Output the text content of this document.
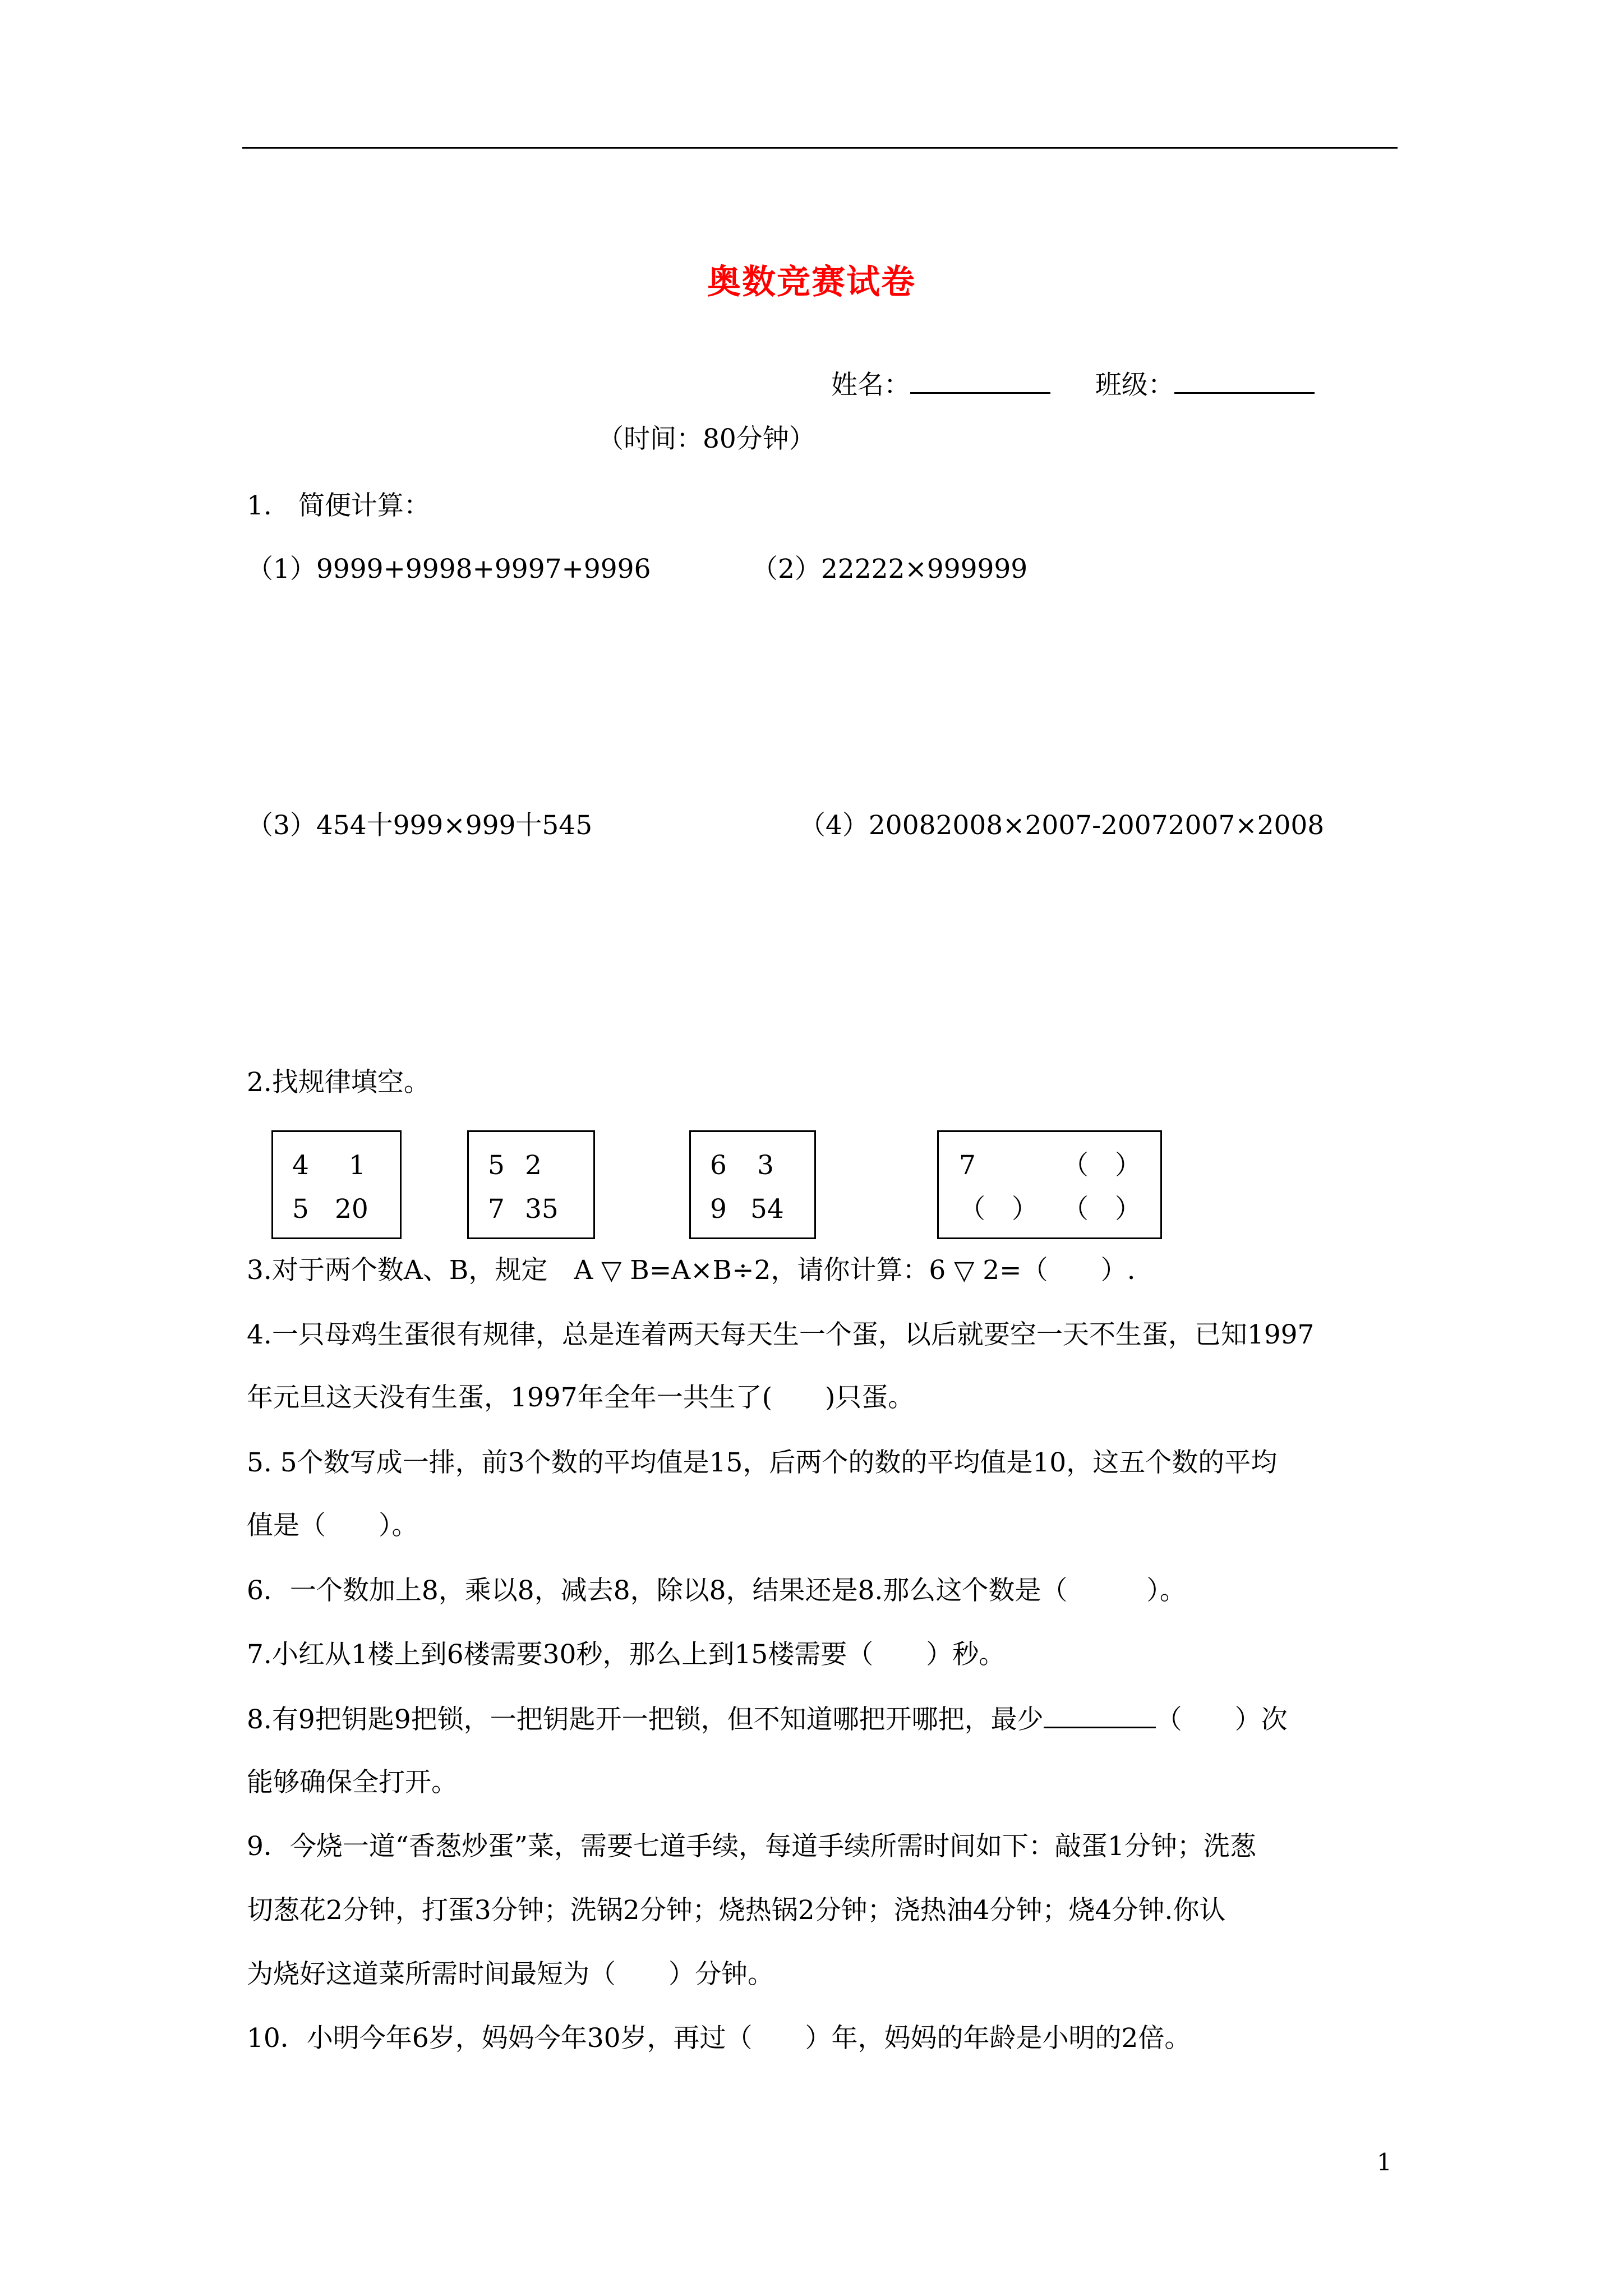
奥数竞赛试卷
姓名：	班级：
（时间：80分钟）
1.　简便计算：
（1）9999+9998+9997+9996	（2）22222×999999
（3）454十999×999十545	（4）20082008×2007-20072007×2008
2.找规律填空。
4 1
5 20
5 2
7 35
6 3
9 54
7	（　）
（　） （　）
3.对于两个数A、B，规定　A ▽ B=A×B÷2，请你计算：6 ▽ 2=（　　）.
4.一只母鸡生蛋很有规律，总是连着两天每天生一个蛋，以后就要空一天不生蛋，已知1997
年元旦这天没有生蛋，1997年全年一共生了(　　)只蛋。
5. 5个数写成一排，前3个数的平均值是15，后两个的数的平均值是10，这五个数的平均
值是（　　）。
6．一个数加上8，乘以8，减去8，除以8，结果还是8.那么这个数是（　　　）。
7.小红从1楼上到6楼需要30秒，那么上到15楼需要（　　）秒。
8.有9把钥匙9把锁，一把钥匙开一把锁，但不知道哪把开哪把，最少	（　　）次
能够确保全打开。
9．今烧一道“香葱炒蛋”菜，需要七道手续，每道手续所需时间如下：敲蛋1分钟；洗葱
切葱花2分钟，打蛋3分钟；洗锅2分钟；烧热锅2分钟；浇热油4分钟；烧4分钟.你认
为烧好这道菜所需时间最短为（　　）分钟。
10．小明今年6岁，妈妈今年30岁，再过（　　）年，妈妈的年龄是小明的2倍。
1
